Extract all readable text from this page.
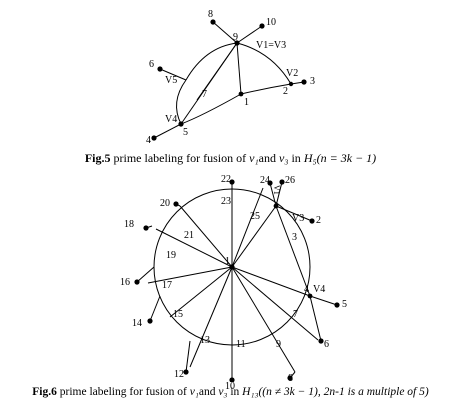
8
10
9
V1=V3
6
V5
7
V2
3
2
1
V4
5
4
Fig.5 prime labeling for fusion of v₁and v₃ in H₅(n = 3k − 1)
22	24
V1
26
20	23
25	V3 2
18
21	3
19
1
16	17	4 V4
5
15	7
14
13	11	9	6
12	8
10
Fig.6 prime labeling for fusion of v₁and v₃ in H₁₃((n ≠ 3k − 1), 2n-1 is a multiple of 5)
